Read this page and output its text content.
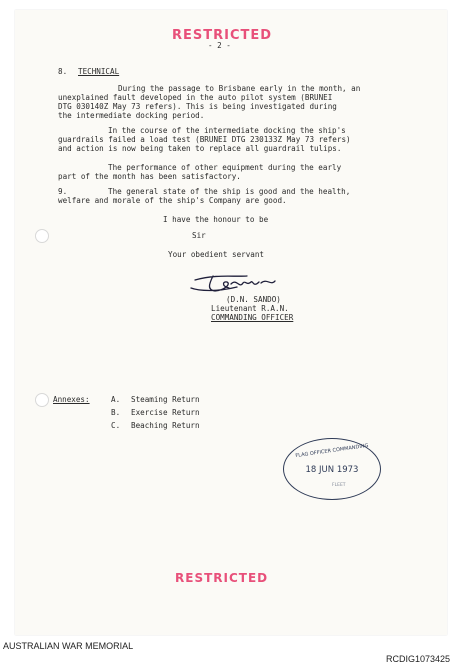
RESTRICTED
- 2 -
8. TECHNICAL
During the passage to Brisbane early in the month, an
unexplained fault developed in the auto pilot system (BRUNEI
DTG 030140Z May 73 refers). This is being investigated during
the intermediate docking period.
In the course of the intermediate docking the ship's
guardrails failed a load test (BRUNEI DTG 230133Z May 73 refers)
and action is now being taken to replace all guardrail tulips.
The performance of other equipment during the early
part of the month has been satisfactory.
9.	The general state of the ship is good and the health,
welfare and morale of the ship's Company are good.
I have the honour to be
Sir
Your obedient servant
(D.N. SANDO)
Lieutenant R.A.N.
COMMANDING OFFICER
Annexes:	A. Steaming Return
B. Exercise Return
C. Beaching Return
FLAG OFFICER COMMANDING
18 JUN 1973
FLEET
RESTRICTED
AUSTRALIAN WAR MEMORIAL
RCDIG1073425
